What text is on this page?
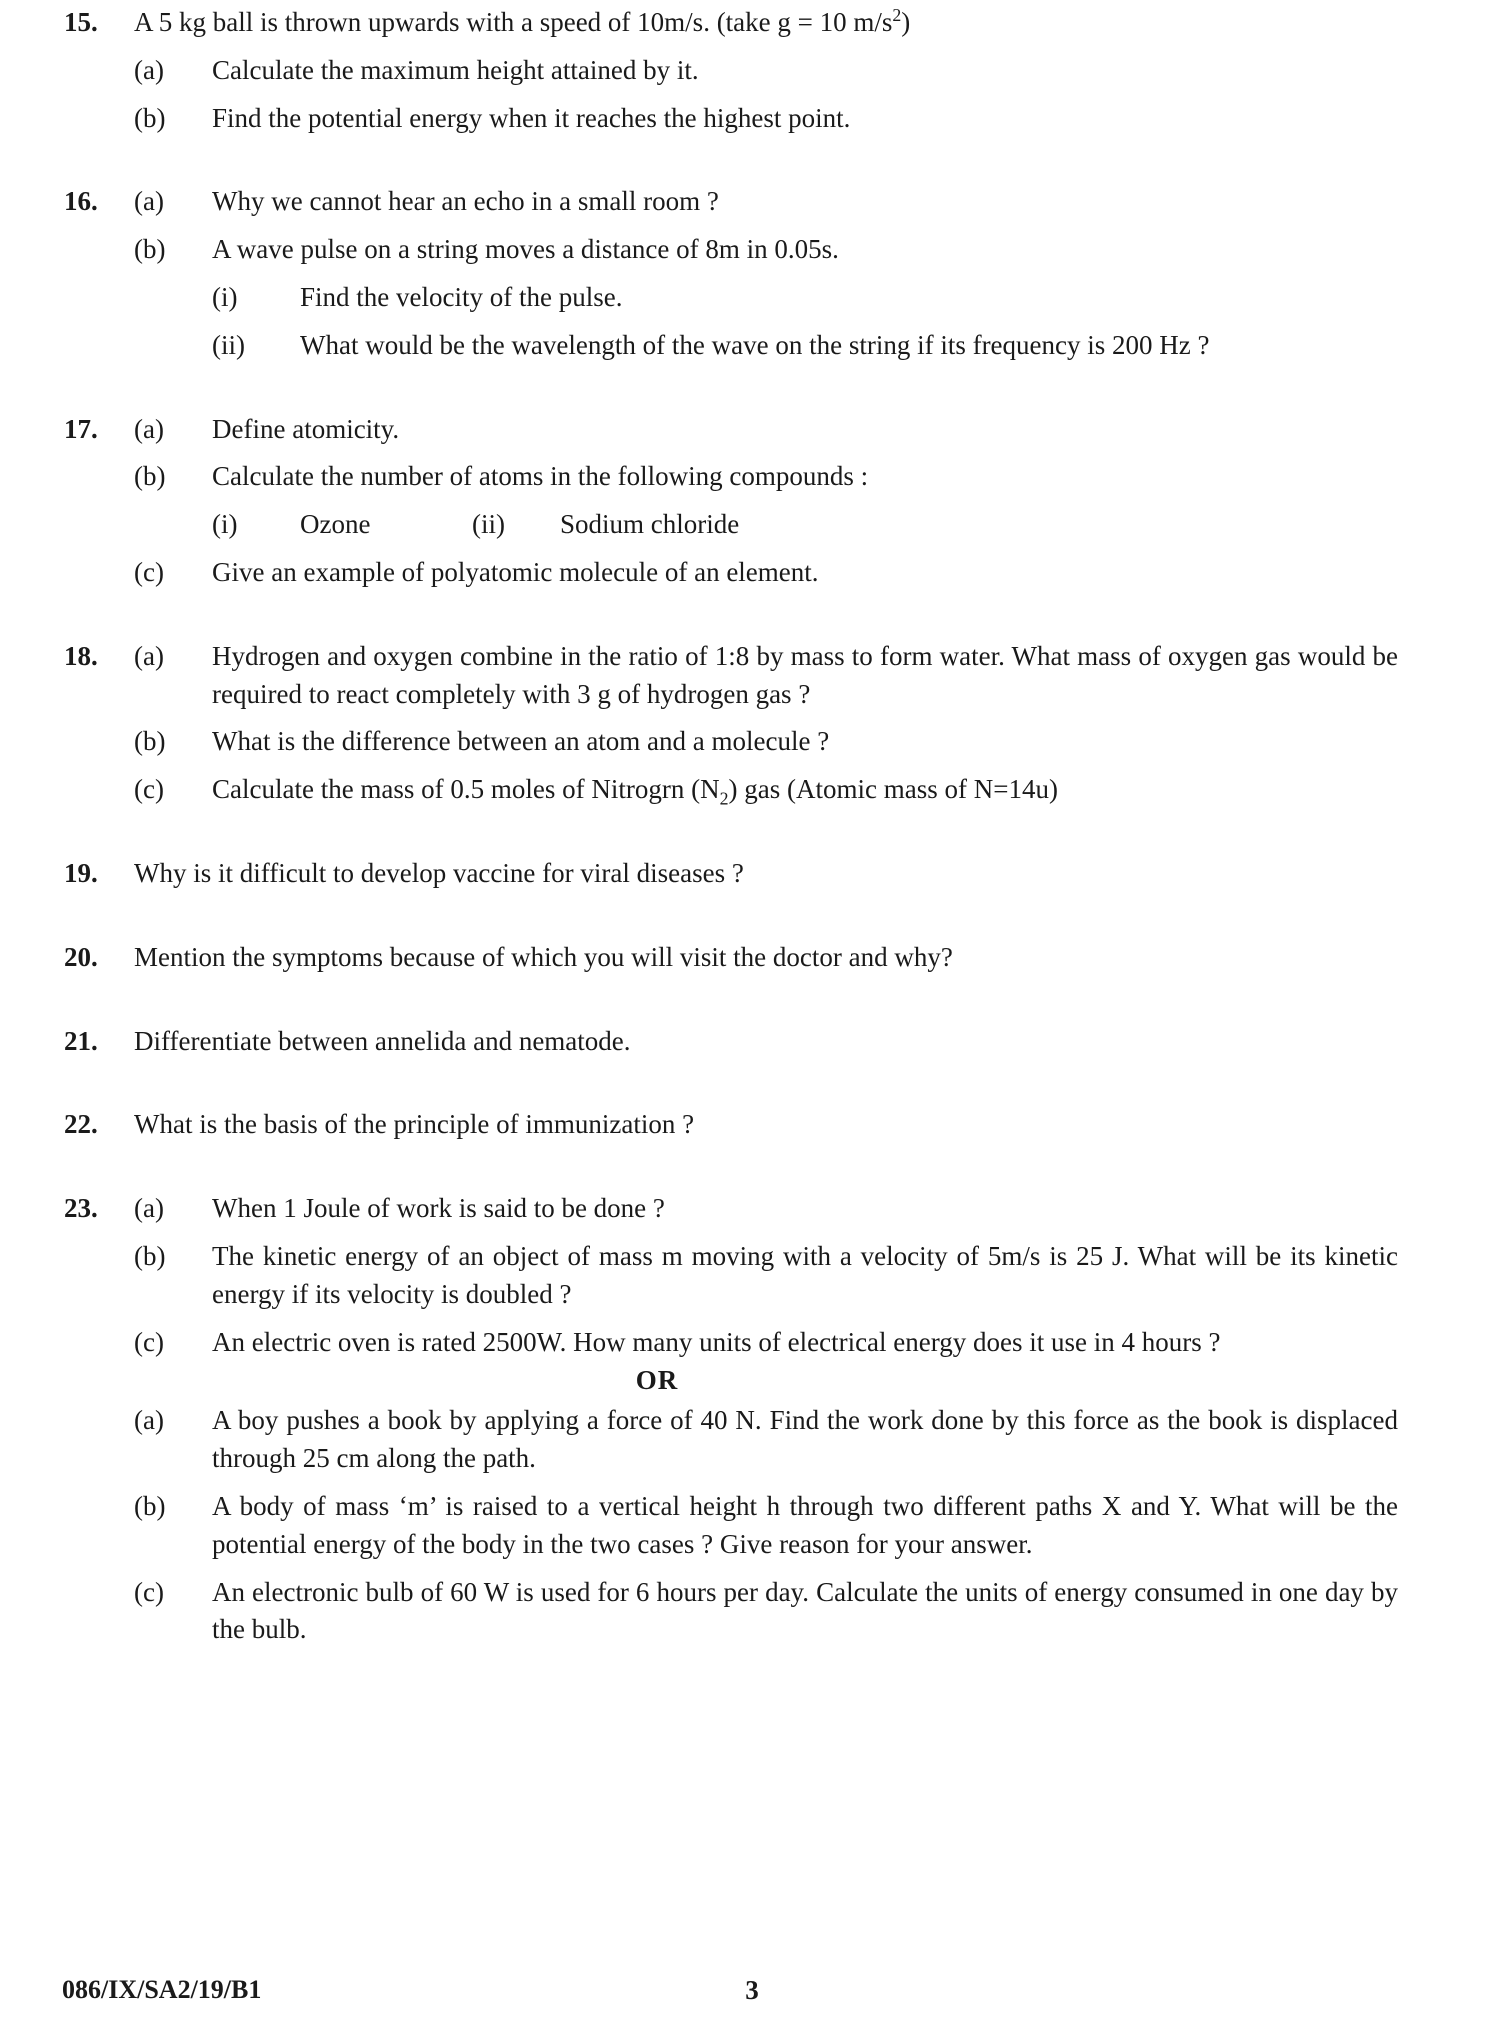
15.	A 5 kg ball is thrown upwards with a speed of 10m/s. (take g = 10 $m/s^2$)
(a)	Calculate the maximum height attained by it.
(b)	Find the potential energy when it reaches the highest point.
16.	(a)	Why we cannot hear an echo in a small room ?
(b)	A wave pulse on a string moves a distance of 8m in 0.05s.
(i)	Find the velocity of the pulse.
(ii)	What would be the wavelength of the wave on the string if its frequency is 200 Hz ?
17.	(a)	Define atomicity.
(b)	Calculate the number of atoms in the following compounds :
(i)	Ozone	(ii)	Sodium chloride
(c)	Give an example of polyatomic molecule of an element.
18.	(a)	Hydrogen and oxygen combine in the ratio of 1:8 by mass to form water. What mass of oxygen gas would be required to react completely with 3 g of hydrogen gas ?
(b)	What is the difference between an atom and a molecule ?
(c)	Calculate the mass of 0.5 moles of Nitrogrn $(N_2)$ gas (Atomic mass of N=14u)
19.	Why is it difficult to develop vaccine for viral diseases ?
20.	Mention the symptoms because of which you will visit the doctor and why?
21.	Differentiate between annelida and nematode.
22.	What is the basis of the principle of immunization ?
23.	(a)	When 1 Joule of work is said to be done ?
(b)	The kinetic energy of an object of mass m moving with a velocity of 5m/s is 25 J. What will be its kinetic energy if its velocity is doubled ?
(c)	An electric oven is rated 2500W. How many units of electrical energy does it use in 4 hours ?
OR
(a)	A boy pushes a book by applying a force of 40 N. Find the work done by this force as the book is displaced through 25 cm along the path.
(b)	A body of mass ‘m’ is raised to a vertical height h through two different paths X and Y. What will be the potential energy of the body in the two cases ? Give reason for your answer.
(c)	An electronic bulb of 60 W is used for 6 hours per day. Calculate the units of energy consumed in one day by the bulb.
086/IX/SA2/19/B1	3
